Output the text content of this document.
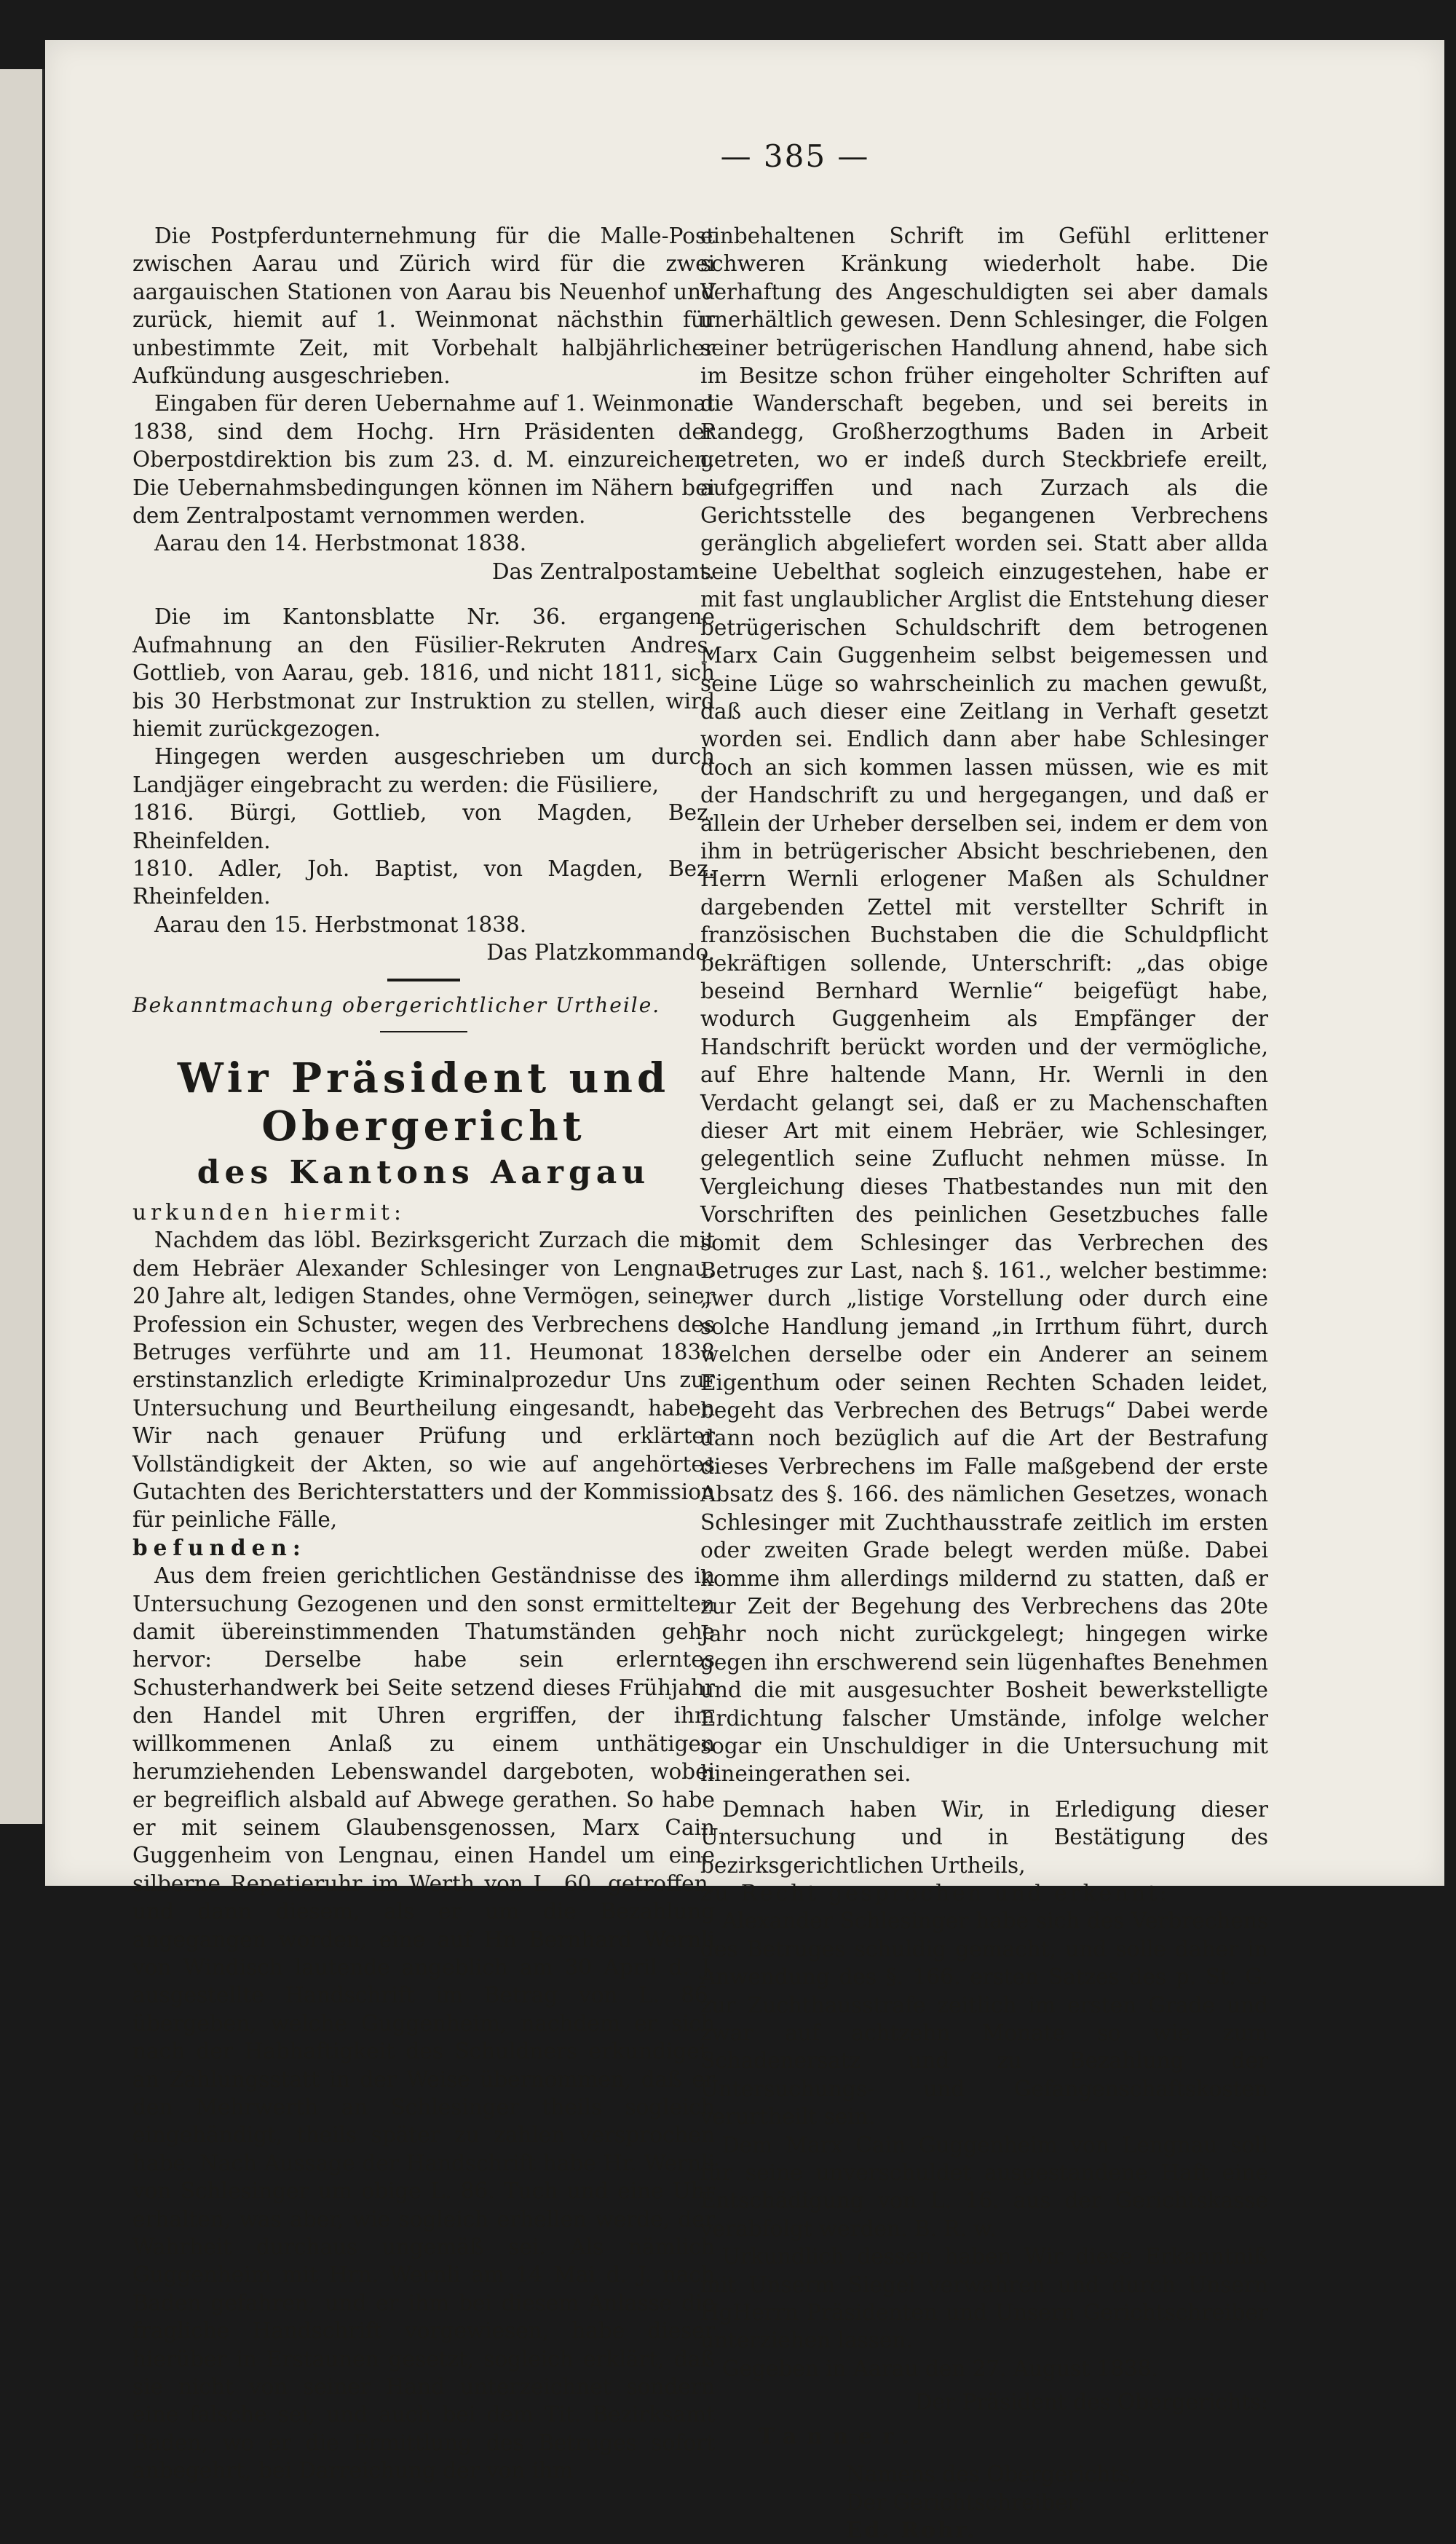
— 385 —

Die Postpferdunternehmung für die Malle-Post zwischen Aarau und Zürich wird für die zwei aargauischen Stationen von Aarau bis Neuenhof und zurück, hiemit auf 1. Weinmonat nächsthin für unbestimmte Zeit, mit Vorbehalt halbjährlicher Aufkündung ausgeschrieben.

Eingaben für deren Uebernahme auf 1. Weinmonat 1838, sind dem Hochg. Hrn Präsidenten der Oberpostdirektion bis zum 23. d. M. einzureichen. Die Uebernahmsbedingungen können im Nähern bei dem Zentralpostamt vernommen werden.

Aarau den 14. Herbstmonat 1838.

Das Zentralpostamt.

Die im Kantonsblatte Nr. 36. ergangene Aufmahnung an den Füsilier-Rekruten Andres, Gottlieb, von Aarau, geb. 1816, und nicht 1811, sich bis 30 Herbstmonat zur Instruktion zu stellen, wird hiemit zurückgezogen.

Hingegen werden ausgeschrieben um durch Landjäger eingebracht zu werden: die Füsiliere,

1816. Bürgi, Gottlieb, von Magden, Bez. Rheinfelden.

1810. Adler, Joh. Baptist, von Magden, Bez. Rheinfelden.

Aarau den 15. Herbstmonat 1838.

Das Platzkommando.

Bekanntmachung obergerichtlicher Urtheile.

Wir Präsident und Obergericht
des Kantons Aargau

urkunden hiermit:

Nachdem das löbl. Bezirksgericht Zurzach die mit dem Hebräer Alexander Schlesinger von Lengnau, 20 Jahre alt, ledigen Standes, ohne Vermögen, seiner Profession ein Schuster, wegen des Verbrechens des Betruges verführte und am 11. Heumonat 1838 erstinstanzlich erledigte Kriminalprozedur Uns zur Untersuchung und Beurtheilung eingesandt, haben Wir nach genauer Prüfung und erklärter Vollständigkeit der Akten, so wie auf angehörtes Gutachten des Berichterstatters und der Kommission für peinliche Fälle,

befunden:

Aus dem freien gerichtlichen Geständnisse des in Untersuchung Gezogenen und den sonst ermittelten damit übereinstimmenden Thatumständen gehe hervor: Derselbe habe sein erlerntes Schusterhandwerk bei Seite setzend dieses Frühjahr den Handel mit Uhren ergriffen, der ihm willkommenen Anlaß zu einem unthätigen herumziehenden Lebenswandel dargeboten, wobei er begreiflich alsbald auf Abwege gerathen. So habe er mit seinem Glaubensgenossen, Marx Cain Guggenheim von Lengnau, einen Handel um eine silberne Repetieruhr im Werth von L. 60. getroffen, und dann diesem, als er um die Bezahlung angegangen worden, eine auf Hn Bernhard Wernli von Windisch lautende angeblich am 30 April d. J. ausgestellte Handschrift im Betrag von L. 86. übergeben, welche Guggenheim, nachdem er sich nach der Habhaftigkeit des Schuldners erkundiget, an Zahlungsstatt in der Weise übernommen, daß er den Mehrwerth an Schlesinger theils sogleich eingehändigt, theils später zu zahlen versprochen habe. Nach Aussage der Handschrift habe Hr. Wernli von Schlesinger um obige L. 86. Tuch und eine Uhr erhalten, was aber, wie sogleich erhellen werde, der Wahrheit durchaus ungemäß sei. Als nämlich Guggenheim mit Hrn. Wernli am 14 Mai d. J. nach Baden gefahren, und er ihm bei diesem Anlasse die fragliche Handschrift vorgewiesen, habe dieser hierüber in Erstaunen gesetzt, sogleich erklärt, daß sie nicht von seiner Hand unterzeichnet sondern eine falsche sei, und auch bei dem Tit. Bezirksamt Baden, wo er die Ermittlung des Betruges sofort anbegehrt, bei Darreichung der von ihm

einbehaltenen Schrift im Gefühl erlittener schweren Kränkung wiederholt habe. Die Verhaftung des Angeschuldigten sei aber damals unerhältlich gewesen. Denn Schlesinger, die Folgen seiner betrügerischen Handlung ahnend, habe sich im Besitze schon früher eingeholter Schriften auf die Wanderschaft begeben, und sei bereits in Randegg, Großherzogthums Baden in Arbeit getreten, wo er indeß durch Steckbriefe ereilt, aufgegriffen und nach Zurzach als die Gerichtsstelle des begangenen Verbrechens geränglich abgeliefert worden sei. Statt aber allda seine Uebelthat sogleich einzugestehen, habe er mit fast unglaublicher Arglist die Entstehung dieser betrügerischen Schuldschrift dem betrogenen Marx Cain Guggenheim selbst beigemessen und seine Lüge so wahrscheinlich zu machen gewußt, daß auch dieser eine Zeitlang in Verhaft gesetzt worden sei. Endlich dann aber habe Schlesinger doch an sich kommen lassen müssen, wie es mit der Handschrift zu und hergegangen, und daß er allein der Urheber derselben sei, indem er dem von ihm in betrügerischer Absicht beschriebenen, den Herrn Wernli erlogener Maßen als Schuldner dargebenden Zettel mit verstellter Schrift in französischen Buchstaben die die Schuldpflicht bekräftigen sollende, Unterschrift: „das obige beseind Bernhard Wernlie“ beigefügt habe, wodurch Guggenheim als Empfänger der Handschrift berückt worden und der vermögliche, auf Ehre haltende Mann, Hr. Wernli in den Verdacht gelangt sei, daß er zu Machenschaften dieser Art mit einem Hebräer, wie Schlesinger, gelegentlich seine Zuflucht nehmen müsse. In Vergleichung dieses Thatbestandes nun mit den Vorschriften des peinlichen Gesetzbuches falle somit dem Schlesinger das Verbrechen des Betruges zur Last, nach §. 161., welcher bestimme: „wer durch „listige Vorstellung oder durch eine solche Handlung jemand „in Irrthum führt, durch welchen derselbe oder ein Anderer an seinem Eigenthum oder seinen Rechten Schaden leidet, begeht das Verbrechen des Betrugs“ Dabei werde dann noch bezüglich auf die Art der Bestrafung dieses Verbrechens im Falle maßgebend der erste Absatz des §. 166. des nämlichen Gesetzes, wonach Schlesinger mit Zuchthausstrafe zeitlich im ersten oder zweiten Grade belegt werden müße. Dabei komme ihm allerdings mildernd zu statten, daß er zur Zeit der Begehung des Verbrechens das 20te Jahr noch nicht zurückgelegt; hingegen wirke gegen ihn erschwerend sein lügenhaftes Benehmen und die mit ausgesuchter Bosheit bewerkstelligte Erdichtung falscher Umstände, infolge welcher sogar ein Unschuldiger in die Untersuchung mit hineingerathen sei.

Demnach haben Wir, in Erledigung dieser Untersuchung und in Bestätigung des bezirksgerichtlichen Urtheils,

zu Recht gesprochen und erkennt:

Alexander Schlesinger habe sich des Verbrechens des Betruges schuldig gemacht, und solle daher in Anwendung des §. 166. ersten Satzes des p. St. G. zur Zuchthausstrafe zeitlich im ersten Grade und zwar auf achtzehn Monate so wie zum Schadenersatz und zu Bezahlung der Untersuchungs- und Gefangenschaftskosten verurtheilt sein.

Dem Marx Cain Guggenheim von Lengnau soll für seine unverschuldet ausgestandene Haft eine Entschädigung von L. 16. aus der Gerichtskasse verabfolgt werden. B. R. w.

Urkundlich dessen haben Wir diese Erkanntniß mit Unserm Siegel verwahren und durch Unsern HgHerrn Präsidenten und Unsern Gerichtschreiber unterziehen lassen.

Gegeben in Aarau den 27. August 1838.

Der Präsident des Obergerichts:

Tanner.

Namens des Obergerichts,

Der Gerichtschreiber:

Ed. Rohr.
